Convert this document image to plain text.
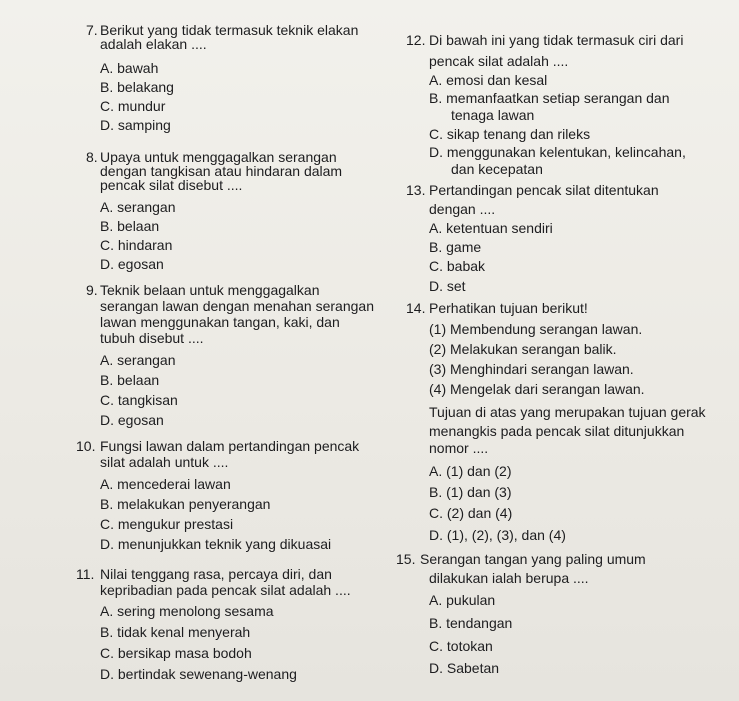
7. Berikut yang tidak termasuk teknik elakan
adalah elakan ....
A. bawah
B. belakang
C. mundur
D. samping
8. Upaya untuk menggagalkan serangan
dengan tangkisan atau hindaran dalam
pencak silat disebut ....
A. serangan
B. belaan
C. hindaran
D. egosan
9. Teknik belaan untuk menggagalkan
serangan lawan dengan menahan serangan
lawan menggunakan tangan, kaki, dan
tubuh disebut ....
A. serangan
B. belaan
C. tangkisan
D. egosan
10. Fungsi lawan dalam pertandingan pencak
silat adalah untuk ....
A. mencederai lawan
B. melakukan penyerangan
C. mengukur prestasi
D. menunjukkan teknik yang dikuasai
11. Nilai tenggang rasa, percaya diri, dan
kepribadian pada pencak silat adalah ....
A. sering menolong sesama
B. tidak kenal menyerah
C. bersikap masa bodoh
D. bertindak sewenang-wenang
12. Di bawah ini yang tidak termasuk ciri dari
pencak silat adalah ....
A. emosi dan kesal
B. memanfaatkan setiap serangan dan
tenaga lawan
C. sikap tenang dan rileks
D. menggunakan kelentukan, kelincahan,
dan kecepatan
13. Pertandingan pencak silat ditentukan
dengan ....
A. ketentuan sendiri
B. game
C. babak
D. set
14. Perhatikan tujuan berikut!
(1) Membendung serangan lawan.
(2) Melakukan serangan balik.
(3) Menghindari serangan lawan.
(4) Mengelak dari serangan lawan.
Tujuan di atas yang merupakan tujuan gerak
menangkis pada pencak silat ditunjukkan
nomor ....
A. (1) dan (2)
B. (1) dan (3)
C. (2) dan (4)
D. (1), (2), (3), dan (4)
15. Serangan tangan yang paling umum
dilakukan ialah berupa ....
A. pukulan
B. tendangan
C. totokan
D. Sabetan
